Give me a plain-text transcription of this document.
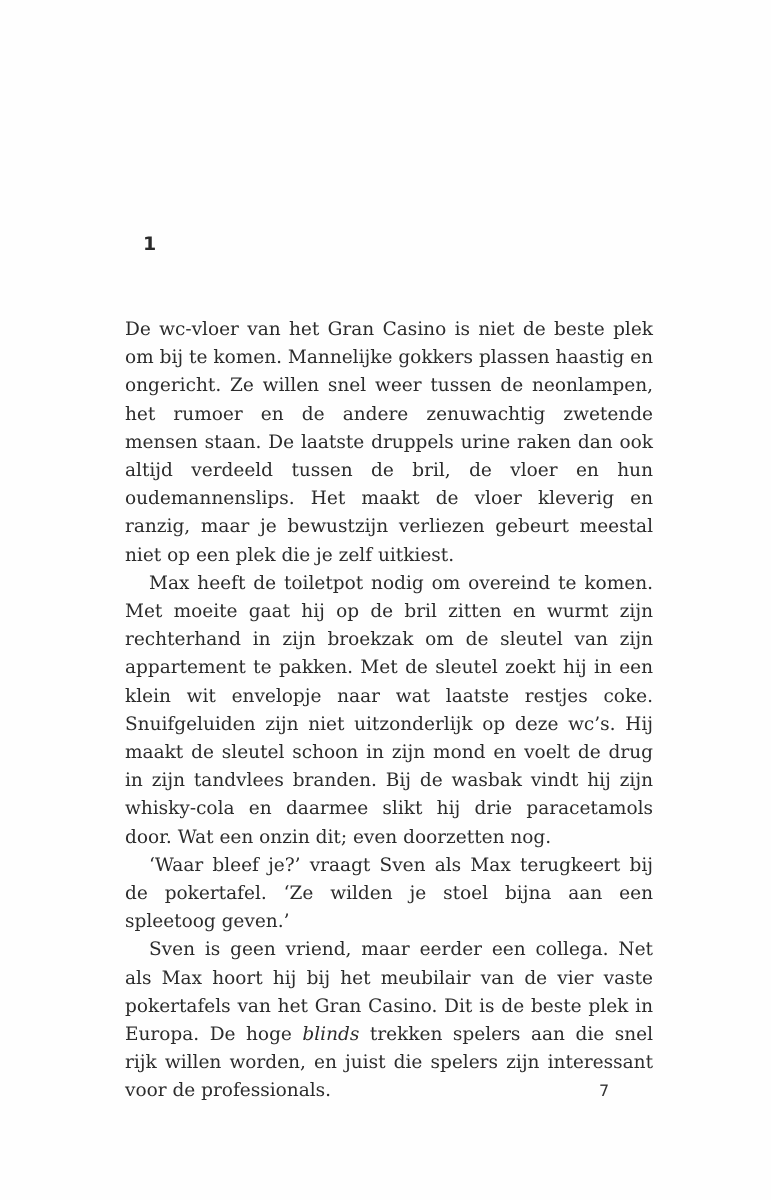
1

De wc-vloer van het Gran Casino is niet de beste plek om bij te komen. Mannelijke gokkers plassen haastig en ongericht. Ze willen snel weer tussen de neonlampen, het rumoer en de andere zenuwachtig zwetende mensen staan. De laatste druppels urine raken dan ook altijd verdeeld tussen de bril, de vloer en hun oudemannenslips. Het maakt de vloer kleverig en ranzig, maar je bewustzijn verliezen gebeurt meestal niet op een plek die je zelf uitkiest.

Max heeft de toiletpot nodig om overeind te komen. Met moeite gaat hij op de bril zitten en wurmt zijn rechterhand in zijn broekzak om de sleutel van zijn appartement te pakken. Met de sleutel zoekt hij in een klein wit envelopje naar wat laatste restjes coke. Snuifgeluiden zijn niet uitzonderlijk op deze wc’s. Hij maakt de sleutel schoon in zijn mond en voelt de drug in zijn tandvlees branden. Bij de wasbak vindt hij zijn whisky-cola en daarmee slikt hij drie paracetamols door. Wat een onzin dit; even doorzetten nog.

‘Waar bleef je?’ vraagt Sven als Max terugkeert bij de pokertafel. ‘Ze wilden je stoel bijna aan een spleetoog geven.’

Sven is geen vriend, maar eerder een collega. Net als Max hoort hij bij het meubilair van de vier vaste pokertafels van het Gran Casino. Dit is de beste plek in Europa. De hoge blinds trekken spelers aan die snel rijk willen worden, en juist die spelers zijn interessant voor de professionals.	7
